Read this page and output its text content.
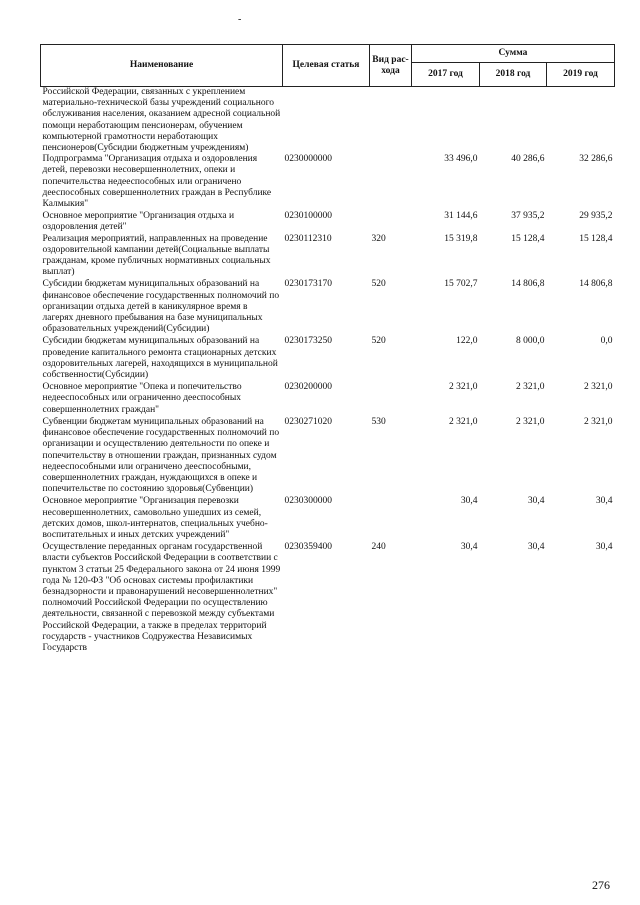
-
Наименование	Целевая статья	Вид рас-хода	Сумма		
			2017 год	2018 год	2019 год
Российской Федерации, связанных с укреплением материально-технической базы учреждений социального обслуживания населения, оказанием адресной социальной помощи неработающим пенсионерам, обучением компьютерной грамотности неработающих пенсионеров(Субсидии бюджетным учреждениям)					
Подпрограмма "Организация отдыха и оздоровления детей, перевозки несовершеннолетних, опеки и попечительства недееспособных или ограничено дееспособных совершеннолетних граждан в Республике Калмыкия"	0230000000		33 496,0	40 286,6	32 286,6
Основное мероприятие "Организация отдыха и оздоровления детей"	0230100000		31 144,6	37 935,2	29 935,2
Реализация мероприятий, направленных на проведение оздоровительной кампании детей(Социальные выплаты гражданам, кроме публичных нормативных социальных выплат)	0230112310	320	15 319,8	15 128,4	15 128,4
Субсидии бюджетам муниципальных образований на финансовое обеспечение государственных полномочий по организации отдыха детей в каникулярное время в лагерях дневного пребывания на базе муниципальных образовательных учреждений(Субсидии)	0230173170	520	15 702,7	14 806,8	14 806,8
Субсидии бюджетам муниципальных образований на проведение капитального ремонта стационарных детских оздоровительных лагерей, находящихся в муниципальной собственности(Субсидии)	0230173250	520	122,0	8 000,0	0,0
Основное мероприятие "Опека и попечительство недееспособных или ограниченно дееспособных совершеннолетних граждан"	0230200000		2 321,0	2 321,0	2 321,0
Субвенции бюджетам муниципальных образований на финансовое обеспечение государственных полномочий по организации и осуществлению деятельности по опеке и попечительству в отношении граждан, признанных судом недееспособными или ограничено дееспособными, совершеннолетних граждан, нуждающихся в опеке и попечительстве по состоянию здоровья(Субвенции)	0230271020	530	2 321,0	2 321,0	2 321,0
Основное мероприятие "Организация перевозки несовершеннолетних, самовольно ушедших из семей, детских домов, школ-интернатов, специальных учебно-воспитательных и иных детских учреждений"	0230300000		30,4	30,4	30,4
Осуществление переданных органам государственной власти субъектов Российской Федерации в соответствии с пунктом 3 статьи 25 Федерального закона от 24 июня 1999 года № 120-ФЗ "Об основах системы профилактики безнадзорности и правонарушений несовершеннолетних" полномочий Российской Федерации по осуществлению деятельности, связанной с перевозкой между субъектами Российской Федерации, а также в пределах территорий государств - участников Содружества Независимых Государств	0230359400	240	30,4	30,4	30,4
276
